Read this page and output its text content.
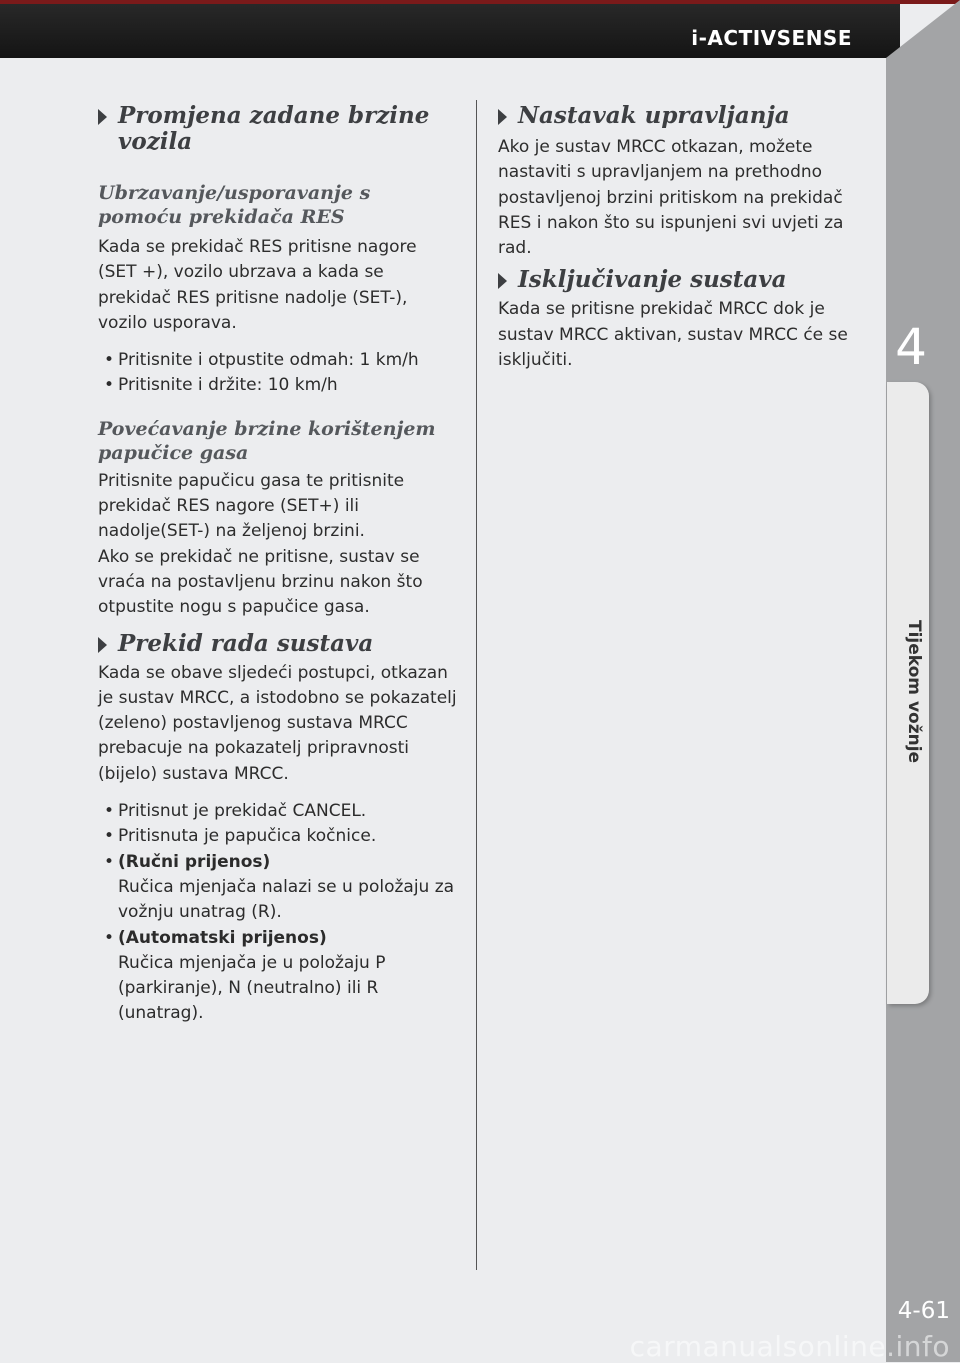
i-ACTIVSENSE
4
Tijekom vožnje
4-61
Promjena zadane brzine vozila
Ubrzavanje/usporavanje s pomoću prekidača RES

Kada se prekidač RES pritisne nagore (SET +), vozilo ubrzava a kada se prekidač RES pritisne nadolje (SET-), vozilo usporava.

• Pritisnite i otpustite odmah: 1 km/h
• Pritisnite i držite: 10 km/h
Povećavanje brzine korištenjem papučice gasa

Pritisnite papučicu gasa te pritisnite prekidač RES nagore (SET+) ili nadolje(SET-) na željenoj brzini.

Ako se prekidač ne pritisne, sustav se vraća na postavljenu brzinu nakon što otpustite nogu s papučice gasa.

Prekid rada sustava

Kada se obave sljedeći postupci, otkazan je sustav MRCC, a istodobno se pokazatelj (zeleno) postavljenog sustava MRCC prebacuje na pokazatelj pripravnosti (bijelo) sustava MRCC.

• Pritisnut je prekidač CANCEL.
• Pritisnuta je papučica kočnice.
• (Ručni prijenos)
Ručica mjenjača nalazi se u položaju za vožnju unatrag (R).
• (Automatski prijenos)
Ručica mjenjača je u položaju P (parkiranje), N (neutralno) ili R (unatrag).
Nastavak upravljanja

Ako je sustav MRCC otkazan, možete nastaviti s upravljanjem na prethodno postavljenoj brzini pritiskom na prekidač RES i nakon što su ispunjeni svi uvjeti za rad.

Isključivanje sustava

Kada se pritisne prekidač MRCC dok je sustav MRCC aktivan, sustav MRCC će se isključiti.

carmanualsonline.info
